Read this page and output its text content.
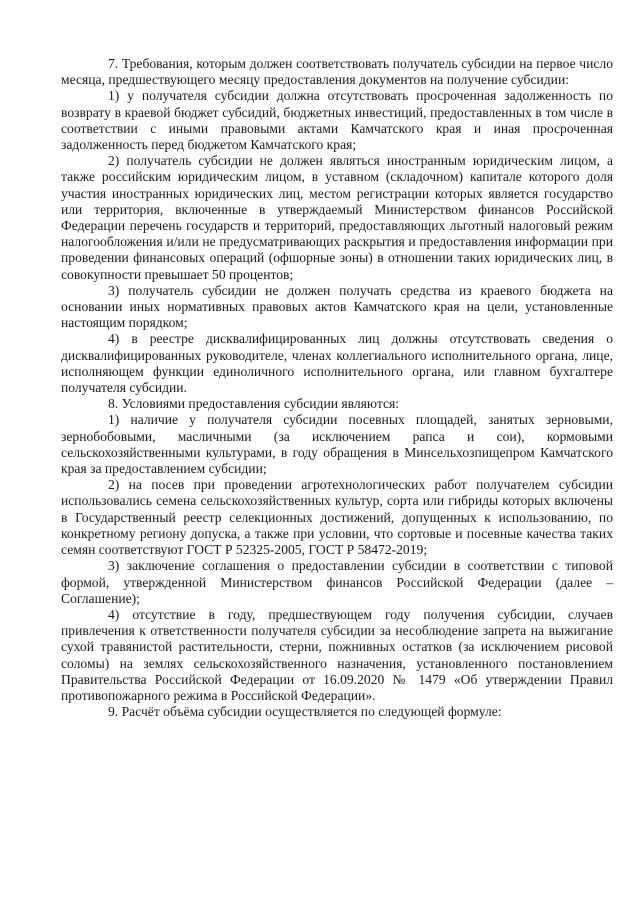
7. Требования, которым должен соответствовать получатель субсидии на первое число месяца, предшествующего месяцу предоставления документов на получение субсидии:

1) у получателя субсидии должна отсутствовать просроченная задолженность по возврату в краевой бюджет субсидий, бюджетных инвестиций, предоставленных в том числе в соответствии с иными правовыми актами Камчатского края и иная просроченная задолженность перед бюджетом Камчатского края;

2) получатель субсидии не должен являться иностранным юридическим лицом, а также российским юридическим лицом, в уставном (складочном) капитале которого доля участия иностранных юридических лиц, местом регистрации которых является государство или территория, включенные в утверждаемый Министерством финансов Российской Федерации перечень государств и территорий, предоставляющих льготный налоговый режим налогообложения и/или не предусматривающих раскрытия и предоставления информации при проведении финансовых операций (офшорные зоны) в отношении таких юридических лиц, в совокупности превышает 50 процентов;

3) получатель субсидии не должен получать средства из краевого бюджета на основании иных нормативных правовых актов Камчатского края на цели, установленные настоящим порядком;

4) в реестре дисквалифицированных лиц должны отсутствовать сведения о дисквалифицированных руководителе, членах коллегиального исполнительного органа, лице, исполняющем функции единоличного исполнительного органа, или главном бухгалтере получателя субсидии.

8. Условиями предоставления субсидии являются:

1) наличие у получателя субсидии посевных площадей, занятых зерновыми, зернобобовыми, масличными (за исключением рапса и сои), кормовыми сельскохозяйственными культурами, в году обращения в Минсельхозпищепром Камчатского края за предоставлением субсидии;

2) на посев при проведении агротехнологических работ получателем субсидии использовались семена сельскохозяйственных культур, сорта или гибриды которых включены в Государственный реестр селекционных достижений, допущенных к использованию, по конкретному региону допуска, а также при условии, что сортовые и посевные качества таких семян соответствуют ГОСТ Р 52325-2005, ГОСТ Р 58472-2019;

3) заключение соглашения о предоставлении субсидии в соответствии с типовой формой, утвержденной Министерством финансов Российской Федерации (далее – Соглашение);

4) отсутствие в году, предшествующем году получения субсидии, случаев привлечения к ответственности получателя субсидии за несоблюдение запрета на выжигание сухой травянистой растительности, стерни, пожнивных остатков (за исключением рисовой соломы) на землях сельскохозяйственного назначения, установленного постановлением Правительства Российской Федерации от 16.09.2020 № 1479 «Об утверждении Правил противопожарного режима в Российской Федерации».

9. Расчёт объёма субсидии осуществляется по следующей формуле:
